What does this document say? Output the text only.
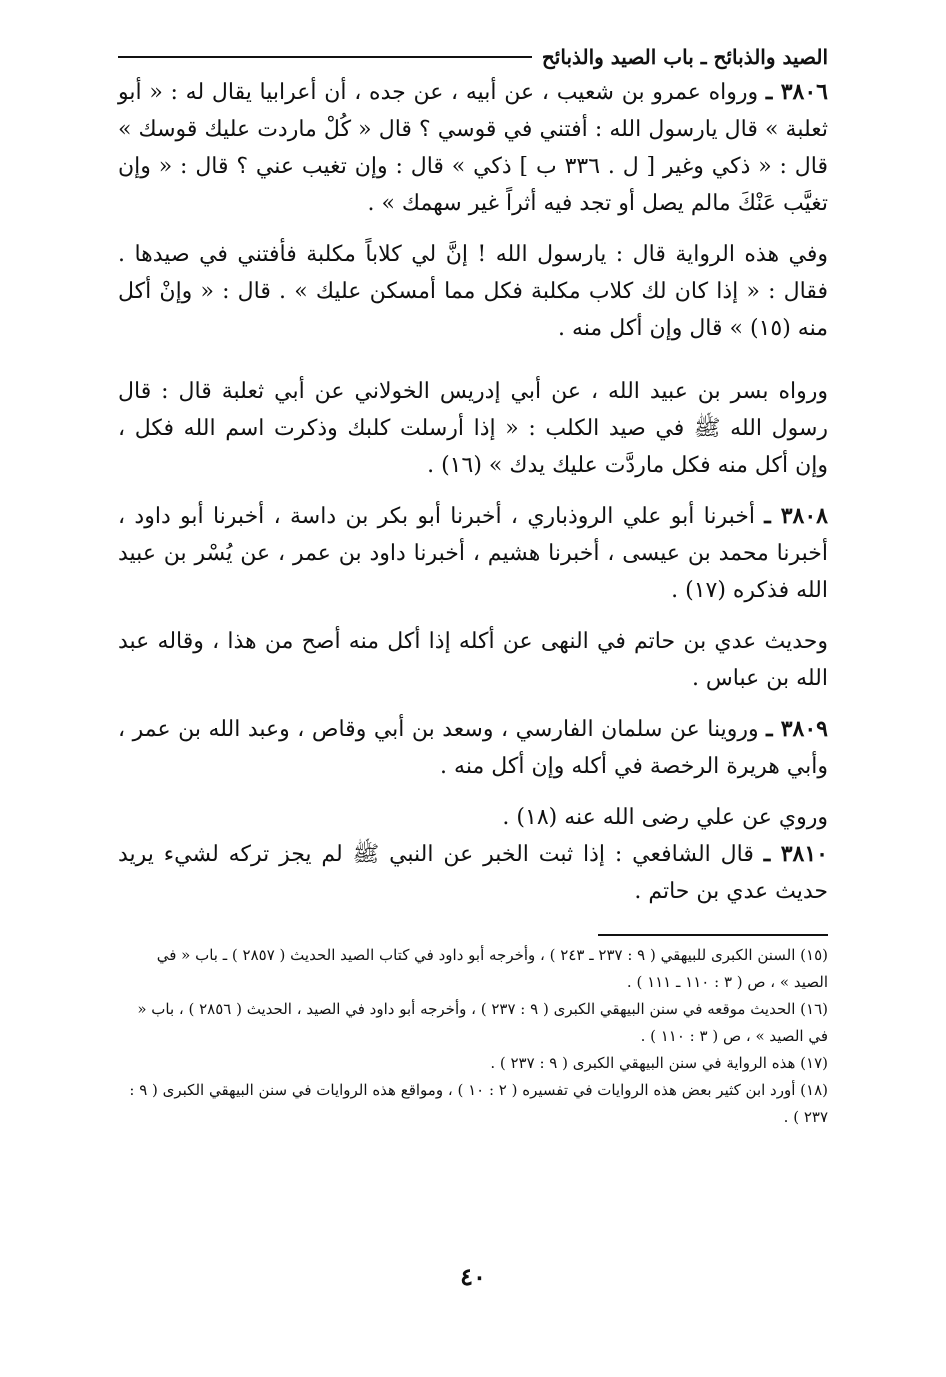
الصيد والذبائح ـ باب الصيد والذبائح

٣٨٠٦ ـ ورواه عمرو بن شعيب ، عن أبيه ، عن جده ، أن أعرابيا يقال له : « أبو ثعلبة » قال يارسول الله : أفتني في قوسي ؟ قال « كُلْ ماردت عليك قوسك » قال : « ذكي وغير [ ل . ٣٣٦ ب ] ذكي » قال : وإن تغيب عني ؟ قال : « وإن تغيَّب عَنْكَ مالم يصل أو تجد فيه أثراً غير سهمك » .

وفي هذه الرواية قال : يارسول الله ! إنَّ لي كلاباً مكلبة فأفتني في صيدها . فقال : « إذا كان لك كلاب مكلبة فكل مما أمسكن عليك » . قال : « وإنْ أكل منه (١٥) » قال وإن أكل منه .

ورواه بسر بن عبيد الله ، عن أبي إدريس الخولاني عن أبي ثعلبة قال : قال رسول الله ﷺ في صيد الكلب : « إذا أرسلت كلبك وذكرت اسم الله فكل ، وإن أكل منه فكل ماردَّت عليك يدك » (١٦) .

٣٨٠٨ ـ أخبرنا أبو علي الروذباري ، أخبرنا أبو بكر بن داسة ، أخبرنا أبو داود ، أخبرنا محمد بن عيسى ، أخبرنا هشيم ، أخبرنا داود بن عمر ، عن يُسْر بن عبيد الله فذكره (١٧) .

وحديث عدي بن حاتم في النهى عن أكله إذا أكل منه أصح من هذا ، وقاله عبد الله بن عباس .

٣٨٠٩ ـ وروينا عن سلمان الفارسي ، وسعد بن أبي وقاص ، وعبد الله بن عمر ، وأبي هريرة الرخصة في أكله وإن أكل منه .

وروي عن علي رضى الله عنه (١٨) .

٣٨١٠ ـ قال الشافعي : إذا ثبت الخبر عن النبي ﷺ لم يجز تركه لشيء يريد حديث عدي بن حاتم .

(١٥) السنن الكبرى للبيهقي ( ٩ : ٢٣٧ ـ ٢٤٣ ) ، وأخرجه أبو داود في كتاب الصيد الحديث ( ٢٨٥٧ ) ـ باب « في الصيد » ، ص ( ٣ : ١١٠ ـ ١١١ ) .

(١٦) الحديث موقعه في سنن البيهقي الكبرى ( ٩ : ٢٣٧ ) ، وأخرجه أبو داود في الصيد ، الحديث ( ٢٨٥٦ ) ، باب « في الصيد » ، ص ( ٣ : ١١٠ ) .

(١٧) هذه الرواية في سنن البيهقي الكبرى ( ٩ : ٢٣٧ ) .

(١٨) أورد ابن كثير بعض هذه الروايات في تفسيره ( ٢ : ١٠ ) ، ومواقع هذه الروايات في سنن البيهقي الكبرى ( ٩ : ٢٣٧ ) .

٤٠
